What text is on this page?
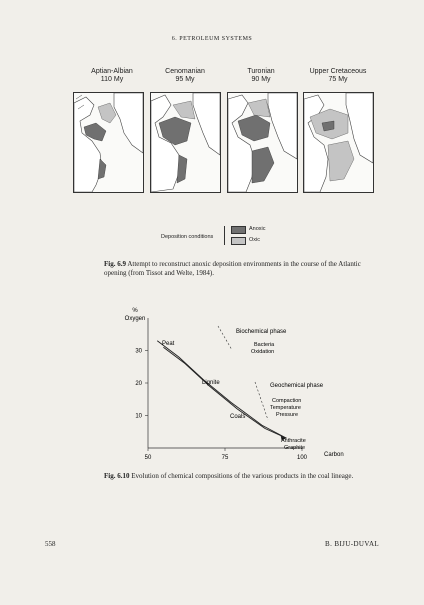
6. PETROLEUM SYSTEMS
Aptian-Albian
110 My
Cenomanian
95 My
Turonian
90 My
Upper Cretaceous
75 My
Deposition conditions
Anoxic
Oxic
Fig. 6.9 Attempt to reconstruct anoxic deposition environments in the course of the Atlantic opening (from Tissot and Welte, 1984).
%
Oxygen
10
20
30
50	75	100	Carbon
Peat
Lignite
Coals
Anthracite
Graphite
Biochemical phase
Bacteria
Oxidation
Geochemical phase
Compaction
Temperature
Pressure
Fig. 6.10 Evolution of chemical compositions of the various products in the coal lineage.
558	B. BIJU-DUVAL
